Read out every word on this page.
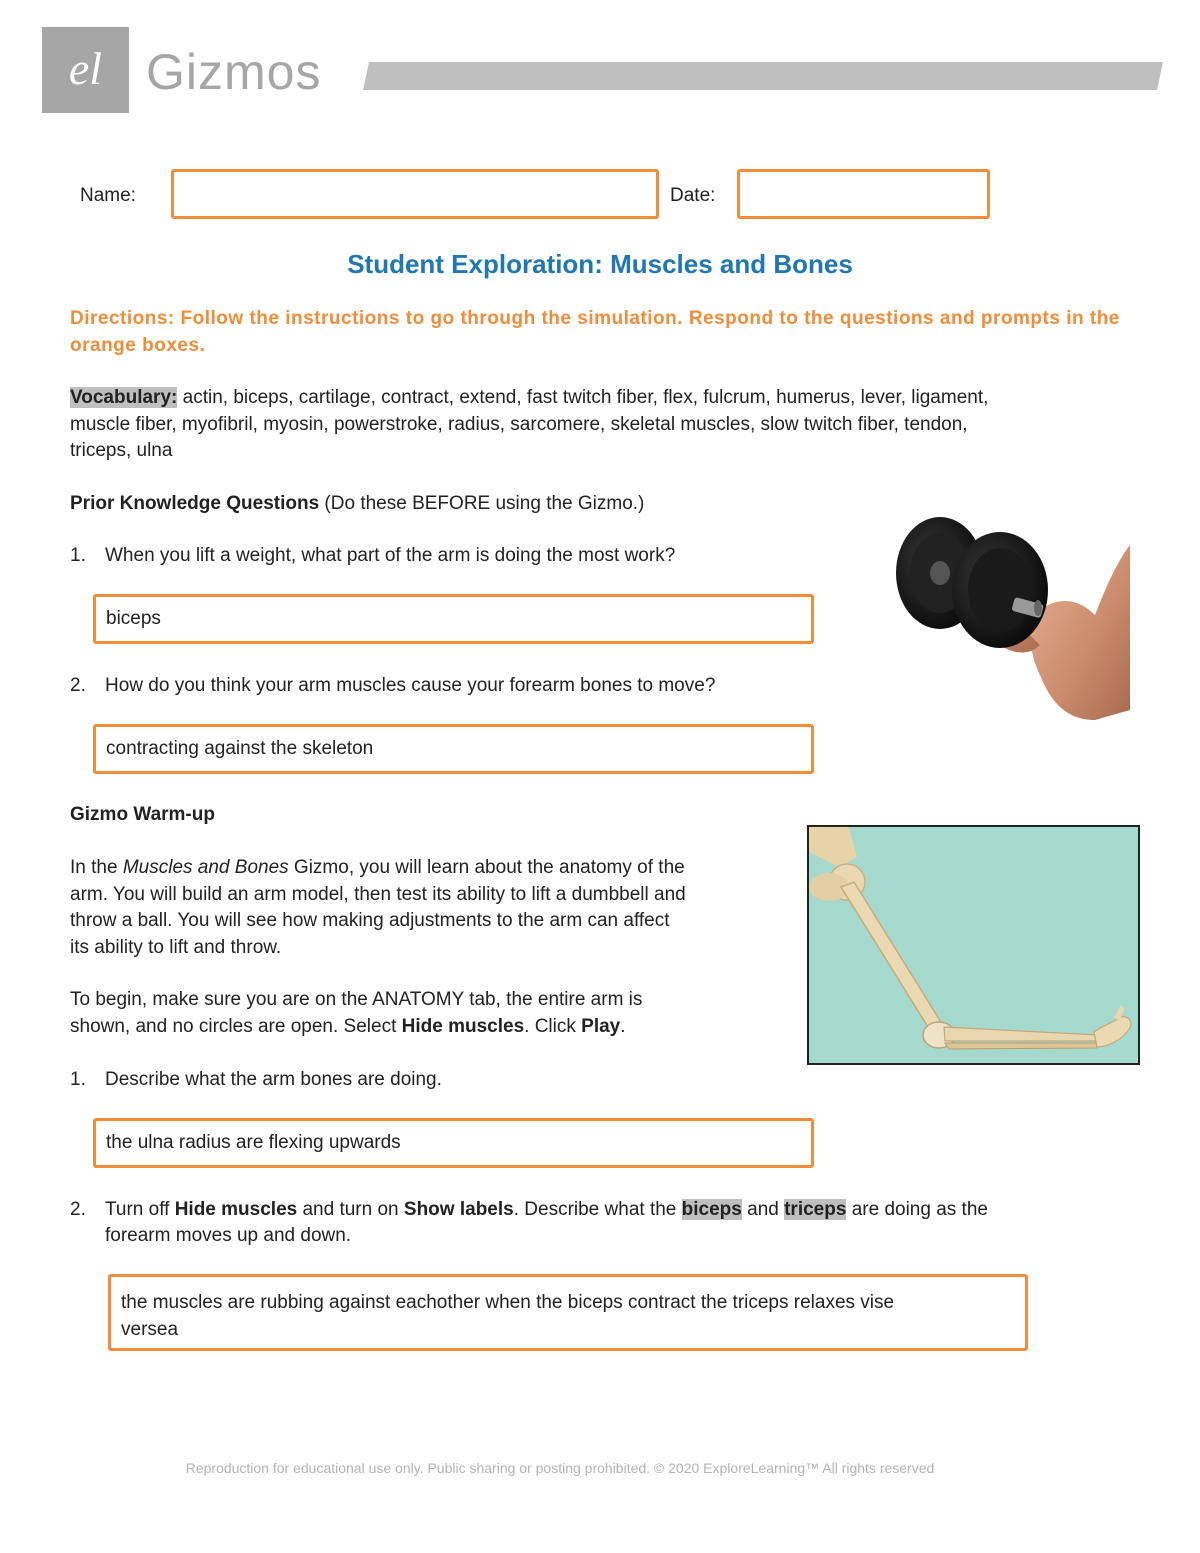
el Gizmos
Name:	Date:
Student Exploration: Muscles and Bones
Directions: Follow the instructions to go through the simulation. Respond to the questions and prompts in the orange boxes.
Vocabulary: actin, biceps, cartilage, contract, extend, fast twitch fiber, flex, fulcrum, humerus, lever, ligament,
muscle fiber, myofibril, myosin, powerstroke, radius, sarcomere, skeletal muscles, slow twitch fiber, tendon,
triceps, ulna
Prior Knowledge Questions (Do these BEFORE using the Gizmo.)
1. When you lift a weight, what part of the arm is doing the most work?
biceps
2. How do you think your arm muscles cause your forearm bones to move?
contracting against the skeleton
Gizmo Warm-up
In the Muscles and Bones Gizmo, you will learn about the anatomy of the
arm. You will build an arm model, then test its ability to lift a dumbbell and
throw a ball. You will see how making adjustments to the arm can affect
its ability to lift and throw.
To begin, make sure you are on the ANATOMY tab, the entire arm is
shown, and no circles are open. Select Hide muscles. Click Play.
1. Describe what the arm bones are doing.
the ulna radius are flexing upwards
2. Turn off Hide muscles and turn on Show labels. Describe what the biceps and triceps are doing as the
forearm moves up and down.
the muscles are rubbing against eachother when the biceps contract the triceps relaxes vise
versea
Reproduction for educational use only. Public sharing or posting prohibited. © 2020 ExploreLearning™ All rights reserved
